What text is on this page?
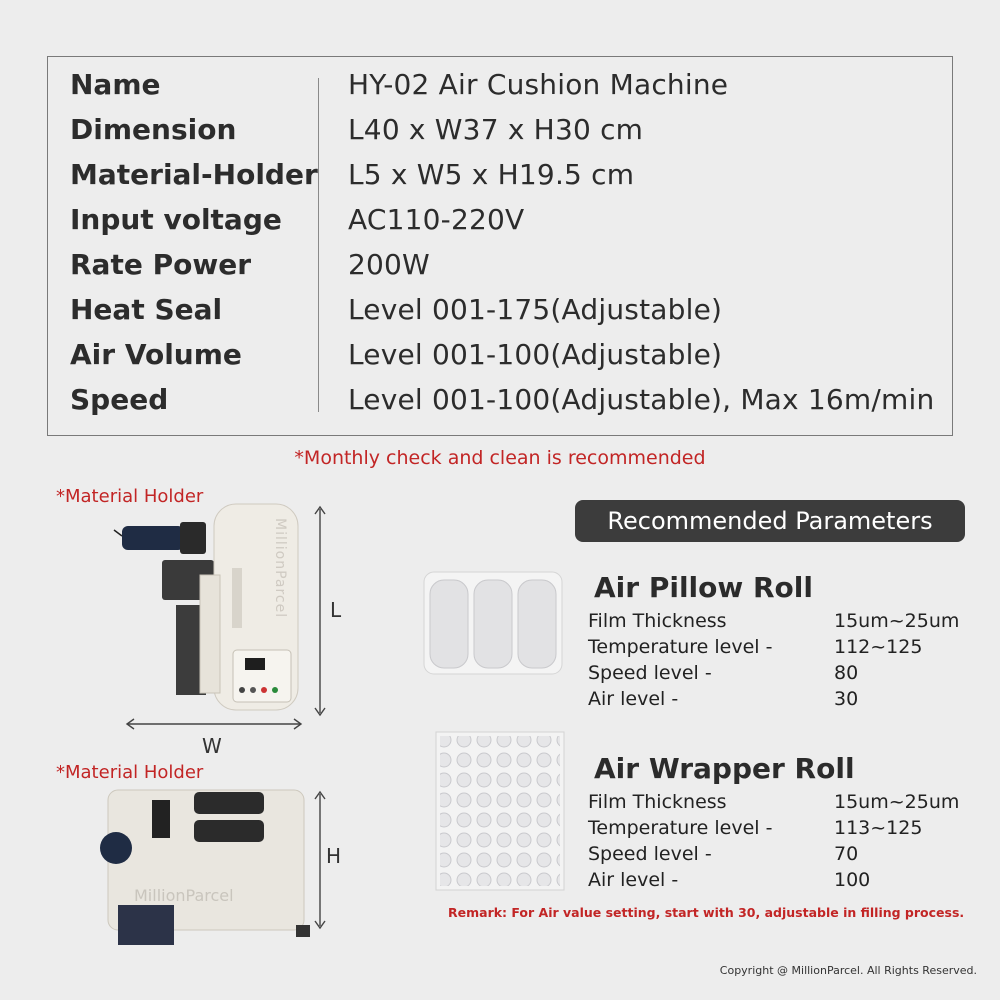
Name	HY-02 Air Cushion Machine
Dimension	L40 x W37 x H30 cm
Material-Holder L5 x W5 x H19.5 cm
Input voltage AC110-220V
Rate Power	200W
Heat Seal	Level 001-175(Adjustable)
Air Volume	Level 001-100(Adjustable)
Speed	Level 001-100(Adjustable), Max 16m/min
*Monthly check and clean is recommended
*Material Holder
*Material Holder
MillionParcel L
W
MillionParcel
H
Recommended Parameters
Air Pillow Roll
Film Thickness	15um~25um
Temperature level -	112~125
Speed level -	80
Air level -	30
Air Wrapper Roll
Film Thickness	15um~25um
Temperature level -	113~125
Speed level -	70
Air level -	100
Remark: For Air value setting, start with 30, adjustable in filling process.
Copyright @ MillionParcel. All Rights Reserved.
